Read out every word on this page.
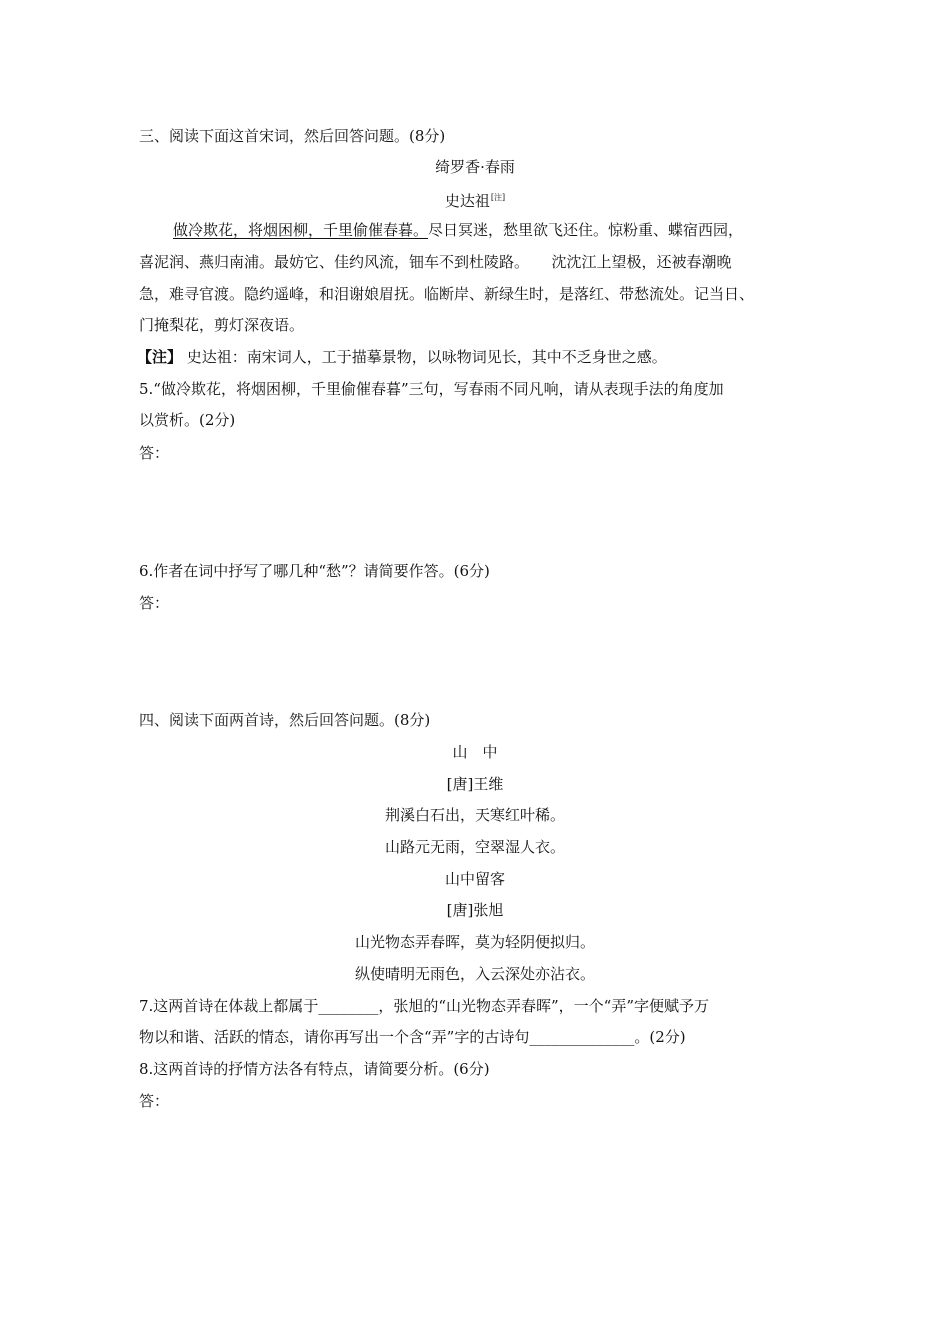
三、阅读下面这首宋词，然后回答问题。(8分)
绮罗香·春雨
史达祖[注]
做冷欺花，将烟困柳，千里偷催春暮。尽日冥迷，愁里欲飞还住。惊粉重、蝶宿西园，
喜泥润、燕归南浦。最妨它、佳约风流，钿车不到杜陵路。　　沈沈江上望极，还被春潮晚
急，难寻官渡。隐约遥峰，和泪谢娘眉抚。临断岸、新绿生时，是落红、带愁流处。记当日、
门掩梨花，剪灯深夜语。
【注】 史达祖：南宋词人，工于描摹景物，以咏物词见长，其中不乏身世之感。
5.“做冷欺花，将烟困柳，千里偷催春暮”三句，写春雨不同凡响，请从表现手法的角度加
以赏析。(2分)
答：
6.作者在词中抒写了哪几种“愁”？请简要作答。(6分)
答：
四、阅读下面两首诗，然后回答问题。(8分)
山　中
[唐]王维
荆溪白石出，天寒红叶稀。
山路元无雨，空翠湿人衣。
山中留客
[唐]张旭
山光物态弄春晖，莫为轻阴便拟归。
纵使晴明无雨色，入云深处亦沾衣。
7.这两首诗在体裁上都属于________，张旭的“山光物态弄春晖”，一个“弄”字便赋予万
物以和谐、活跃的情态，请你再写出一个含“弄”字的古诗句______________。(2分)
8.这两首诗的抒情方法各有特点，请简要分析。(6分)
答：
